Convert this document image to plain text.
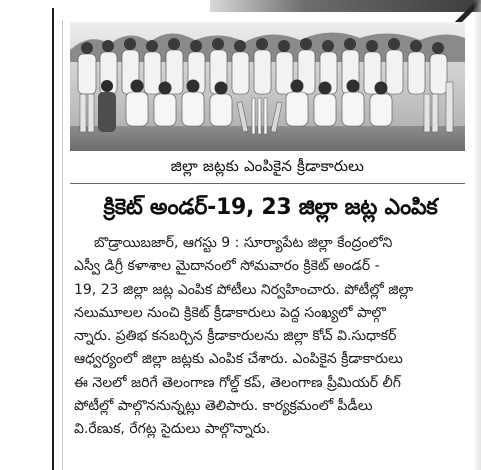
జిల్లా జట్లకు ఎంపికైన క్రీడాకారులు
క్రికెట్ అండర్-19, 23 జిల్లా జట్ల ఎంపిక
బొడ్రాయిబజార్, ఆగస్టు 9 : సూర్యాపేట జిల్లా కేంద్రంలోని
ఎస్వీ డిగ్రీ కళాశాల మైదానంలో సోమవారం క్రికెట్ అండర్ -
19, 23 జిల్లా జట్ల ఎంపిక పోటీలు నిర్వహించారు. పోటీల్లో జిల్లా
నలుమూలల నుంచి క్రికెట్ క్రీడాకారులు పెద్ద సంఖ్యలో పాల్గొ
న్నారు. ప్రతిభ కనబర్చిన క్రీడాకారులను జిల్లా కోచ్ వి.సుధాకర్
ఆధ్వర్యంలో జిల్లా జట్లకు ఎంపిక చేశారు. ఎంపికైన క్రీడాకారులు
ఈ నెలలో జరిగే తెలంగాణ గోల్డ్ కప్, తెలంగాణ ప్రీమియర్ లీగ్
పోటీల్లో పాల్గొననున్నట్లు తెలిపారు. కార్యక్రమంలో పీడీలు
వి.రేణుక, రేగట్ల సైదులు పాల్గొన్నారు.
